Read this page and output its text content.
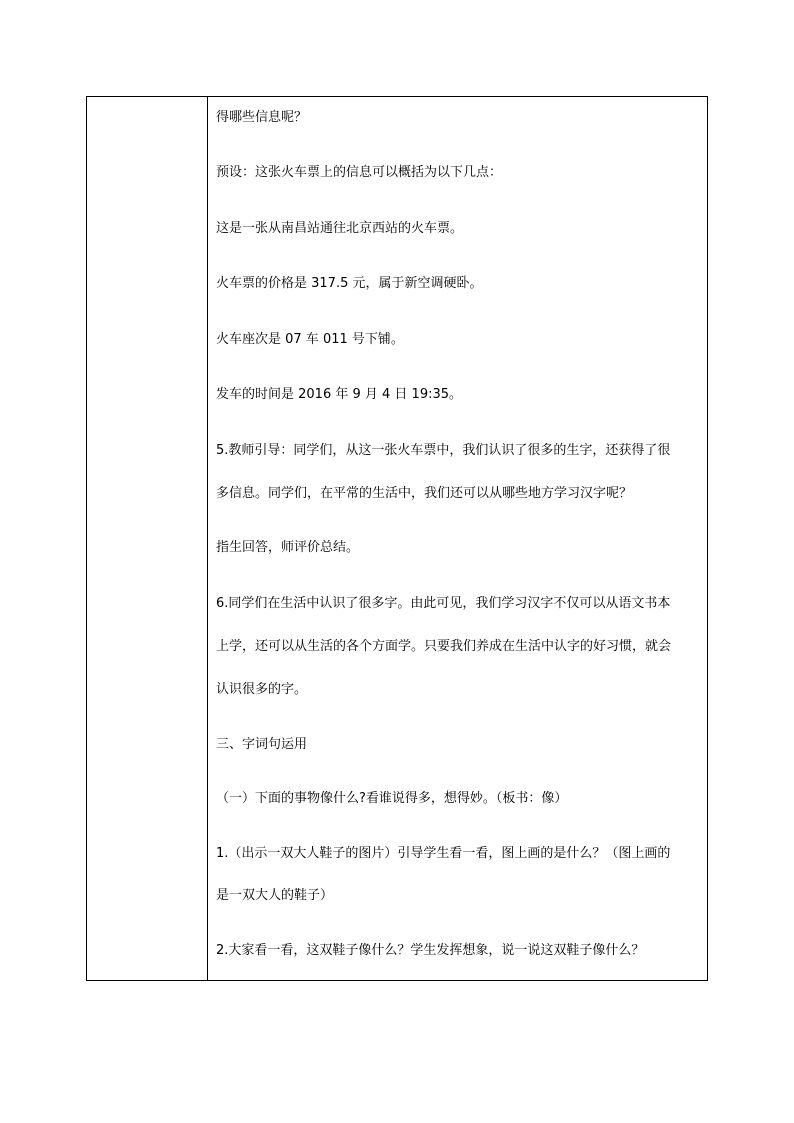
得哪些信息呢？
预设：这张火车票上的信息可以概括为以下几点：
这是一张从南昌站通往北京西站的火车票。
火车票的价格是 317.5 元，属于新空调硬卧。
火车座次是 07 车 011 号下铺。
发车的时间是 2016 年 9 月 4 日 19:35。
5.教师引导：同学们，从这一张火车票中，我们认识了很多的生字，还获得了很
多信息。同学们，在平常的生活中，我们还可以从哪些地方学习汉字呢？
指生回答，师评价总结。
6.同学们在生活中认识了很多字。由此可见，我们学习汉字不仅可以从语文书本
上学，还可以从生活的各个方面学。只要我们养成在生活中认字的好习惯，就会
认识很多的字。
三、字词句运用
（一）下面的事物像什么?看谁说得多，想得妙。（板书：像）
1.（出示一双大人鞋子的图片）引导学生看一看，图上画的是什么？（图上画的
是一双大人的鞋子）
2.大家看一看，这双鞋子像什么？学生发挥想象，说一说这双鞋子像什么？
